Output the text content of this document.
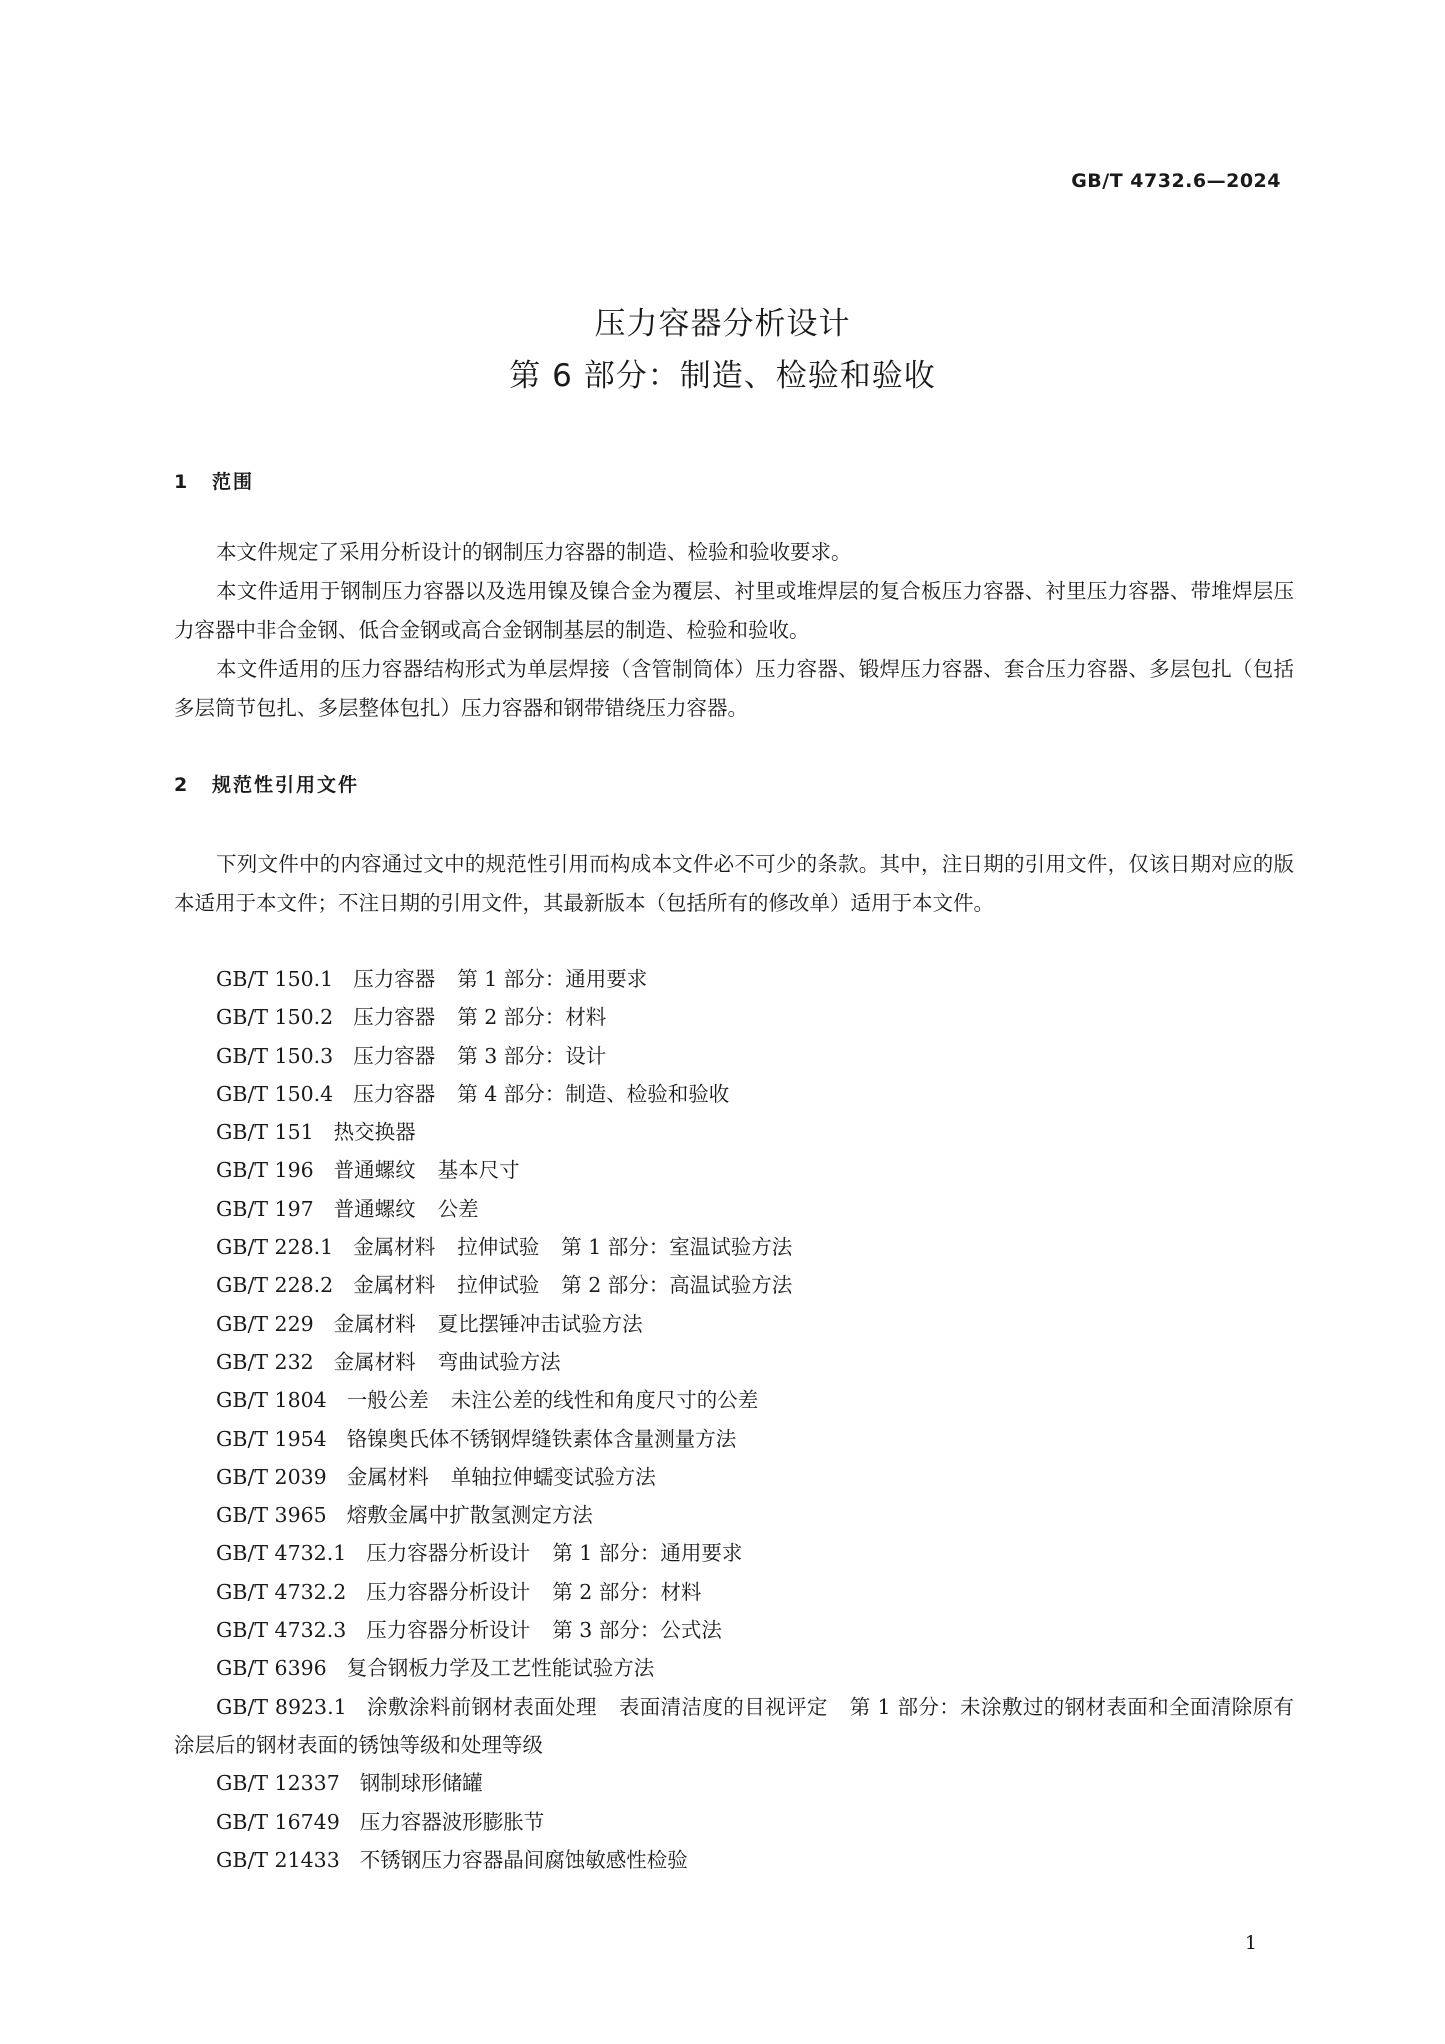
GB/T 4732.6—2024
压力容器分析设计
第 6 部分：制造、检验和验收
1 范围
本文件规定了采用分析设计的钢制压力容器的制造、检验和验收要求。
本文件适用于钢制压力容器以及选用镍及镍合金为覆层、衬里或堆焊层的复合板压力容器、衬里压力容器、带堆焊层压力容器中非合金钢、低合金钢或高合金钢制基层的制造、检验和验收。
本文件适用的压力容器结构形式为单层焊接（含管制筒体）压力容器、锻焊压力容器、套合压力容器、多层包扎（包括多层筒节包扎、多层整体包扎）压力容器和钢带错绕压力容器。
2 规范性引用文件
下列文件中的内容通过文中的规范性引用而构成本文件必不可少的条款。其中，注日期的引用文件，仅该日期对应的版本适用于本文件；不注日期的引用文件，其最新版本（包括所有的修改单）适用于本文件。
GB/T 150.1 压力容器 第 1 部分：通用要求
GB/T 150.2 压力容器 第 2 部分：材料
GB/T 150.3 压力容器 第 3 部分：设计
GB/T 150.4 压力容器 第 4 部分：制造、检验和验收
GB/T 151 热交换器
GB/T 196 普通螺纹 基本尺寸
GB/T 197 普通螺纹 公差
GB/T 228.1 金属材料 拉伸试验 第 1 部分：室温试验方法
GB/T 228.2 金属材料 拉伸试验 第 2 部分：高温试验方法
GB/T 229 金属材料 夏比摆锤冲击试验方法
GB/T 232 金属材料 弯曲试验方法
GB/T 1804 一般公差 未注公差的线性和角度尺寸的公差
GB/T 1954 铬镍奥氏体不锈钢焊缝铁素体含量测量方法
GB/T 2039 金属材料 单轴拉伸蠕变试验方法
GB/T 3965 熔敷金属中扩散氢测定方法
GB/T 4732.1 压力容器分析设计 第 1 部分：通用要求
GB/T 4732.2 压力容器分析设计 第 2 部分：材料
GB/T 4732.3 压力容器分析设计 第 3 部分：公式法
GB/T 6396 复合钢板力学及工艺性能试验方法
GB/T 8923.1 涂敷涂料前钢材表面处理 表面清洁度的目视评定 第 1 部分：未涂敷过的钢材表面和全面清除原有涂层后的钢材表面的锈蚀等级和处理等级
GB/T 12337 钢制球形储罐
GB/T 16749 压力容器波形膨胀节
GB/T 21433 不锈钢压力容器晶间腐蚀敏感性检验
1
